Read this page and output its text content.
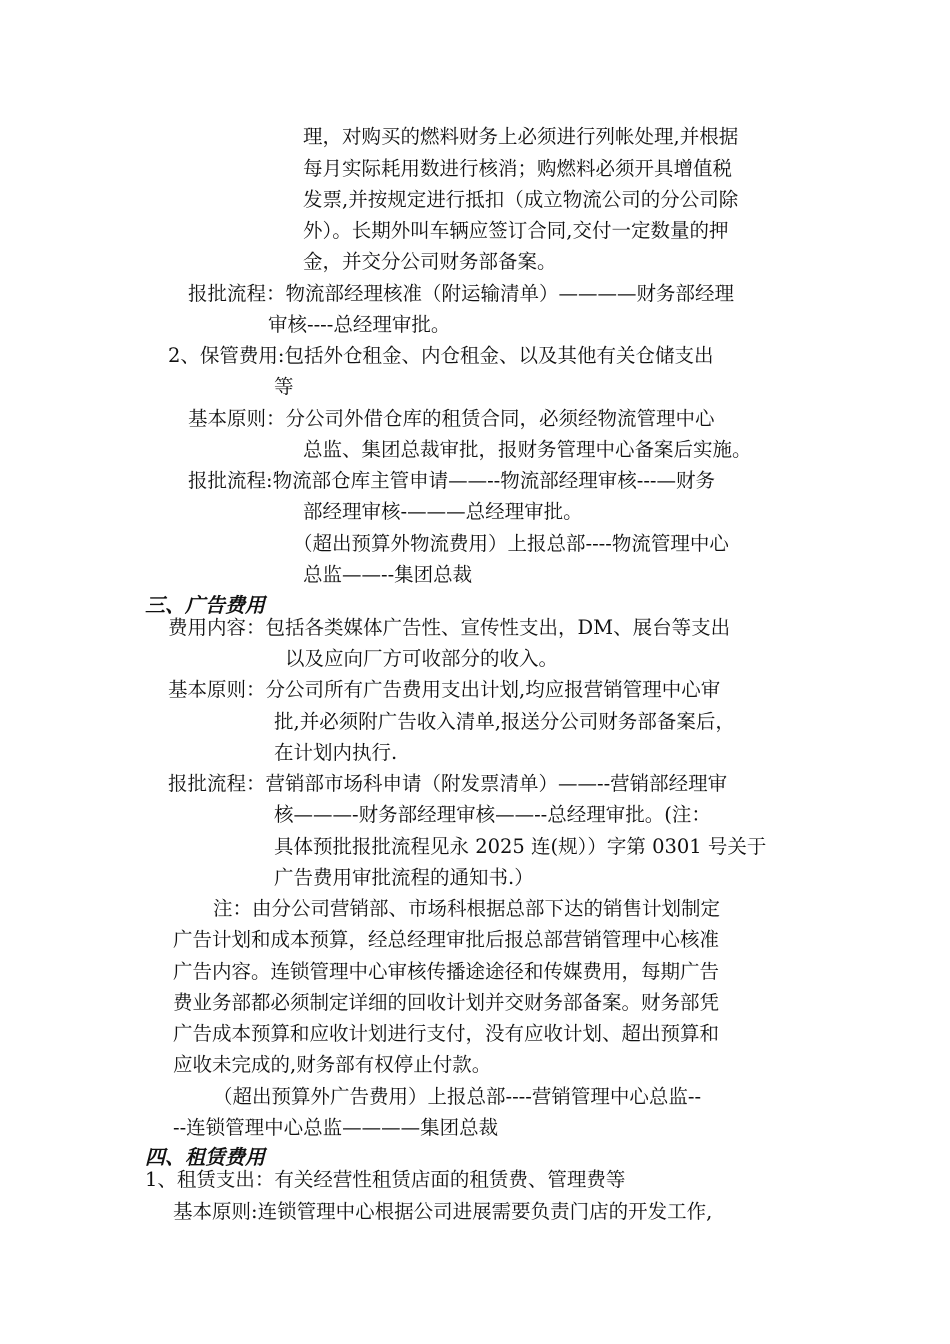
理，对购买的燃料财务上必须进行列帐处理,并根据
每月实际耗用数进行核消；购燃料必须开具增值税
发票,并按规定进行抵扣（成立物流公司的分公司除
外）。长期外叫车辆应签订合同,交付一定数量的押
金，并交分公司财务部备案。
报批流程：物流部经理核准（附运输清单）————财务部经理
审核----总经理审批。
2、保管费用:包括外仓租金、内仓租金、以及其他有关仓储支出
等
基本原则：分公司外借仓库的租赁合同，必须经物流管理中心
总监、集团总裁审批，报财务管理中心备案后实施。
报批流程:物流部仓库主管申请——--物流部经理审核---—财务
部经理审核-———总经理审批。
（超出预算外物流费用）上报总部----物流管理中心
总监——--集团总裁
三、广告费用
费用内容：包括各类媒体广告性、宣传性支出，DM、展台等支出
以及应向厂方可收部分的收入。
基本原则：分公司所有广告费用支出计划,均应报营销管理中心审
批,并必须附广告收入清单,报送分公司财务部备案后，
在计划内执行.
报批流程：营销部市场科申请（附发票清单）——--营销部经理审
核———-财务部经理审核——--总经理审批。(注：
具体预批报批流程见永 2025 连(规））字第 0301 号关于
广告费用审批流程的通知书.）
注：由分公司营销部、市场科根据总部下达的销售计划制定
广告计划和成本预算，经总经理审批后报总部营销管理中心核准
广告内容。连锁管理中心审核传播途途径和传媒费用，每期广告
费业务部都必须制定详细的回收计划并交财务部备案。财务部凭
广告成本预算和应收计划进行支付，没有应收计划、超出预算和
应收未完成的,财务部有权停止付款。
（超出预算外广告费用）上报总部----营销管理中心总监--
--连锁管理中心总监————集团总裁
四、租赁费用
1、租赁支出：有关经营性租赁店面的租赁费、管理费等
基本原则:连锁管理中心根据公司进展需要负责门店的开发工作,
